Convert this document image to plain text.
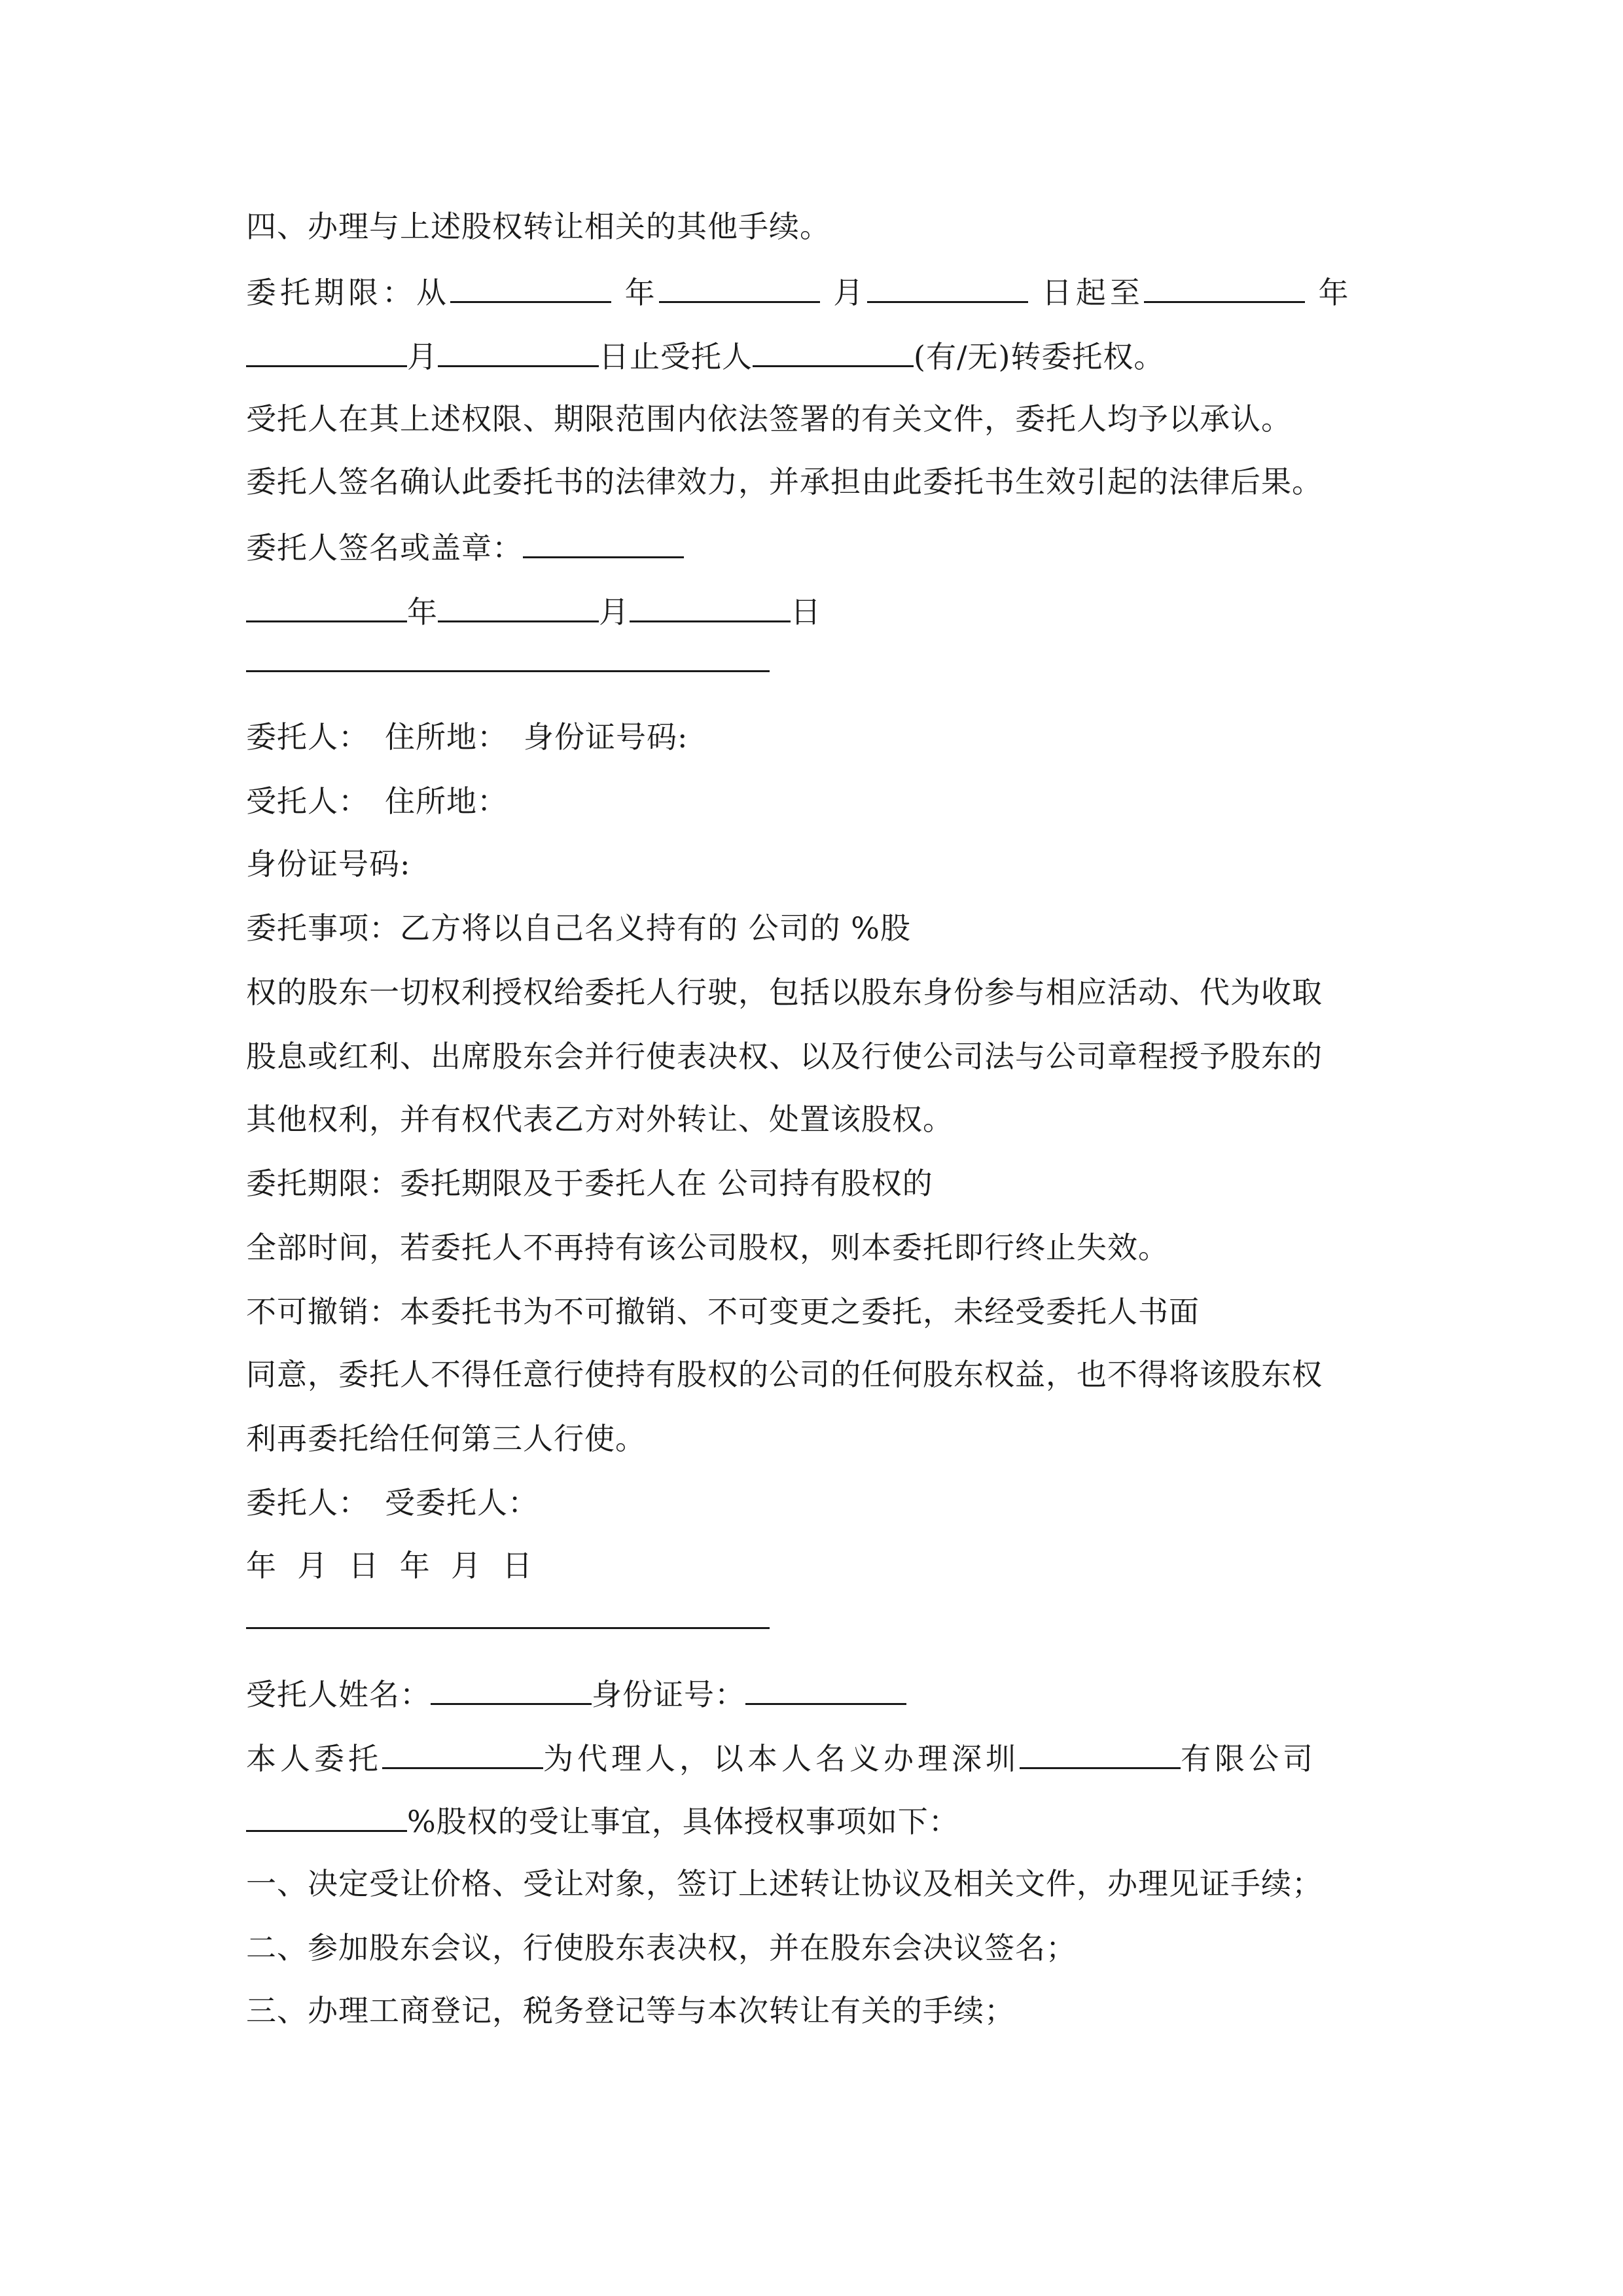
四、办理与上述股权转让相关的其他手续。
委托期限：从	年	月	日起至	年
月	日止受托人	(有/无)转委托权。
受托人在其上述权限、期限范围内依法签署的有关文件，委托人均予以承认。
委托人签名确认此委托书的法律效力，并承担由此委托书生效引起的法律后果。
委托人签名或盖章：
年	月	日
委托人： 住所地： 身份证号码:
受托人： 住所地：
身份证号码:
委托事项：乙方将以自己名义持有的 公司的 %股
权的股东一切权利授权给委托人行驶，包括以股东身份参与相应活动、代为收取
股息或红利、出席股东会并行使表决权、以及行使公司法与公司章程授予股东的
其他权利，并有权代表乙方对外转让、处置该股权。
委托期限：委托期限及于委托人在 公司持有股权的
全部时间，若委托人不再持有该公司股权，则本委托即行终止失效。
不可撤销：本委托书为不可撤销、不可变更之委托，未经受委托人书面
同意，委托人不得任意行使持有股权的公司的任何股东权益，也不得将该股东权
利再委托给任何第三人行使。
委托人： 受委托人：
年  月  日  年  月  日
受托人姓名：	身份证号：
本人委托	为代理人，以本人名义办理深圳	有限公司
%股权的受让事宜，具体授权事项如下：
一、决定受让价格、受让对象，签订上述转让协议及相关文件，办理见证手续；
二、参加股东会议，行使股东表决权，并在股东会决议签名；
三、办理工商登记，税务登记等与本次转让有关的手续；
